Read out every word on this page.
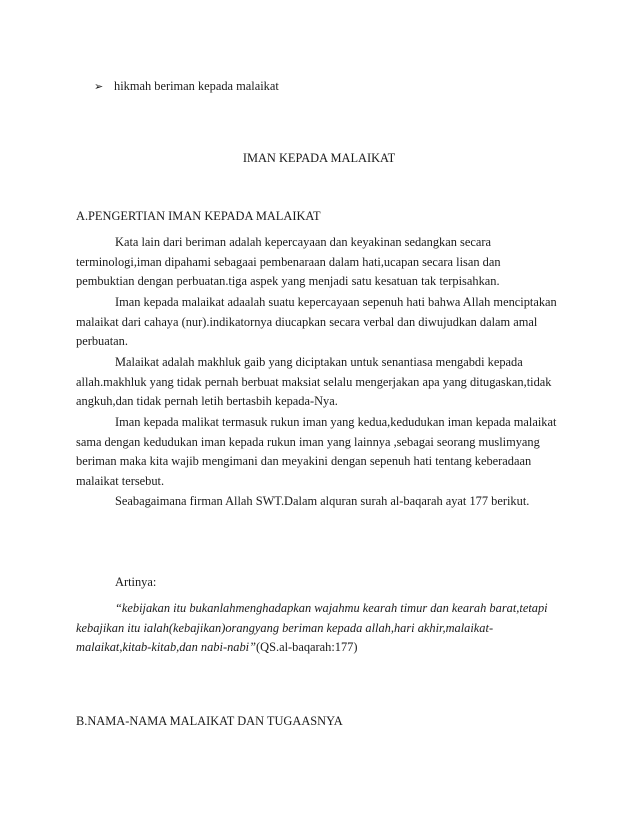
➢ hikmah beriman kepada malaikat
IMAN KEPADA MALAIKAT
A.PENGERTIAN IMAN KEPADA MALAIKAT
Kata lain dari beriman adalah kepercayaan dan keyakinan sedangkan secara
terminologi,iman dipahami sebagaai pembenaraan dalam hati,ucapan secara lisan dan
pembuktian dengan perbuatan.tiga aspek yang menjadi satu kesatuan tak terpisahkan.
Iman kepada malaikat adaalah suatu kepercayaan sepenuh hati bahwa Allah menciptakan
malaikat dari cahaya (nur).indikatornya diucapkan secara verbal dan diwujudkan dalam amal
perbuatan.
Malaikat adalah makhluk gaib yang diciptakan untuk senantiasa mengabdi kepada
allah.makhluk yang tidak pernah berbuat maksiat selalu mengerjakan apa yang ditugaskan,tidak
angkuh,dan tidak pernah letih bertasbih kepada-Nya.
Iman kepada malikat termasuk rukun iman yang kedua,kedudukan iman kepada malaikat
sama dengan kedudukan iman kepada rukun iman yang lainnya ,sebagai seorang muslimyang
beriman maka kita wajib mengimani dan meyakini dengan sepenuh hati tentang keberadaan
malaikat tersebut.
Seabagaimana firman Allah SWT.Dalam alquran surah al-baqarah ayat 177 berikut.
Artinya:
“kebijakan itu bukanlahmenghadapkan wajahmu kearah timur dan kearah barat,tetapi
kebajikan itu ialah(kebajikan)orangyang beriman kepada allah,hari akhir,malaikat-
malaikat,kitab-kitab,dan nabi-nabi”(QS.al-baqarah:177)
B.NAMA-NAMA MALAIKAT DAN TUGAASNYA
